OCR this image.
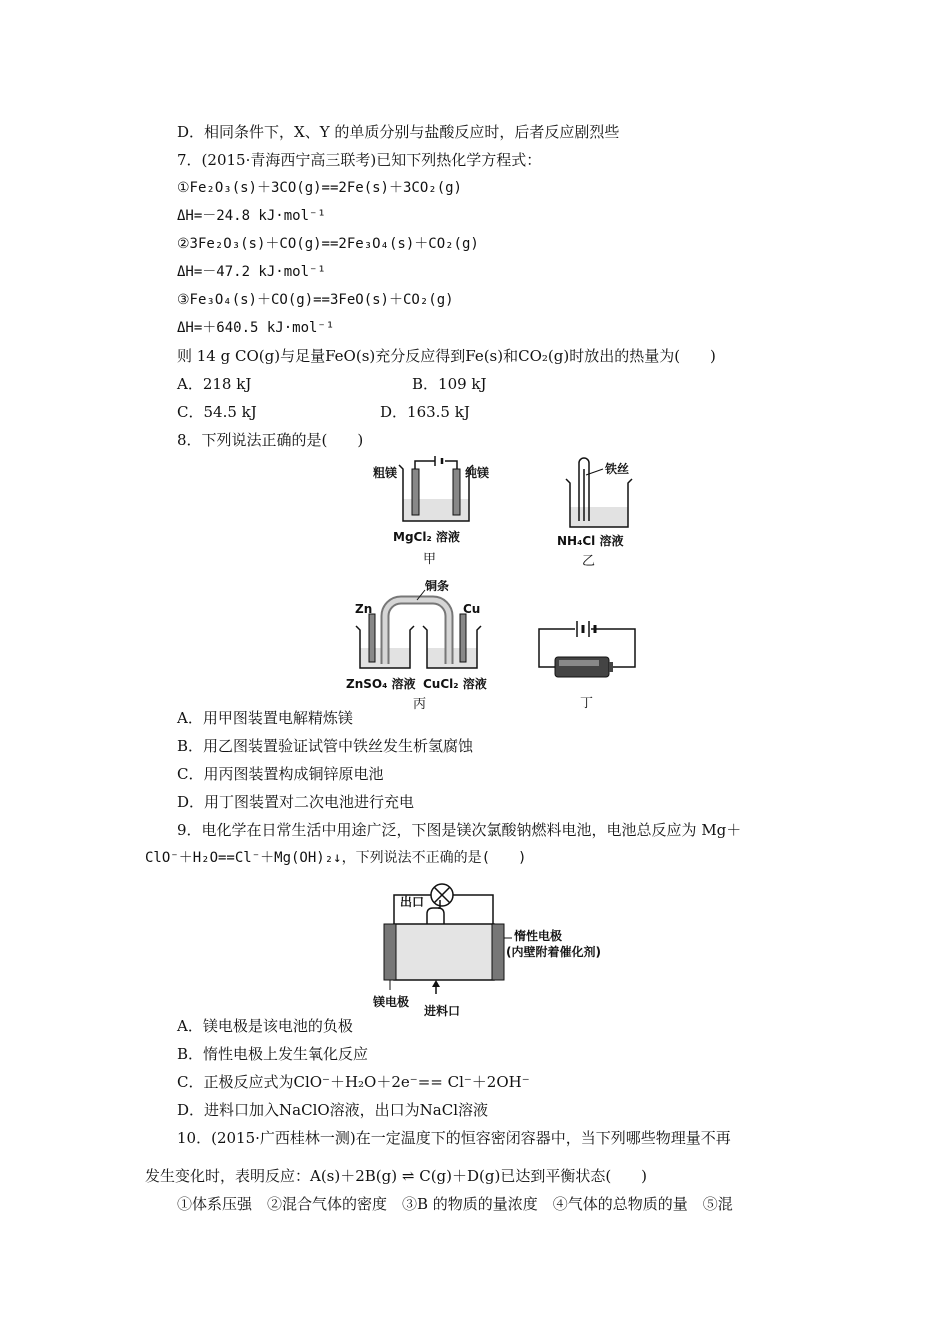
D．相同条件下，X、Y 的单质分别与盐酸反应时，后者反应剧烈些
7．(2015·青海西宁高三联考)已知下列热化学方程式：
①Fe₂O₃(s)＋3CO(g)==2Fe(s)＋3CO₂(g)
ΔH=－24.8 kJ·mol⁻¹
②3Fe₂O₃(s)＋CO(g)==2Fe₃O₄(s)＋CO₂(g)
ΔH=－47.2 kJ·mol⁻¹
③Fe₃O₄(s)＋CO(g)==3FeO(s)＋CO₂(g)
ΔH=＋640.5 kJ·mol⁻¹
则 14 g CO(g)与足量FeO(s)充分反应得到Fe(s)和CO₂(g)时放出的热量为(　　)
A．218 kJ	B．109 kJ
C．54.5 kJ	D．163.5 kJ
8．下列说法正确的是(　　)
粗镁	纯镁
MgCl₂ 溶液
甲
铁丝
NH₄Cl 溶液
乙
铜条
Zn	Cu
ZnSO₄ 溶液 CuCl₂ 溶液
丙	丁
A．用甲图装置电解精炼镁
B．用乙图装置验证试管中铁丝发生析氢腐蚀
C．用丙图装置构成铜锌原电池
D．用丁图装置对二次电池进行充电
9．电化学在日常生活中用途广泛，下图是镁次氯酸钠燃料电池，电池总反应为 Mg＋
ClO⁻＋H₂O==Cl⁻＋Mg(OH)₂↓，下列说法不正确的是(　　)
出口
惰性电极
(内壁附着催化剂)
镁电极
进料口
A．镁电极是该电池的负极
B．惰性电极上发生氧化反应
C．正极反应式为ClO⁻＋H₂O＋2e⁻== Cl⁻＋2OH⁻
D．进料口加入NaClO溶液，出口为NaCl溶液
10．(2015·广西桂林一测)在一定温度下的恒容密闭容器中，当下列哪些物理量不再
发生变化时，表明反应：A(s)＋2B(g) ⇌ C(g)＋D(g)已达到平衡状态(　　)
①体系压强　②混合气体的密度　③B 的物质的量浓度　④气体的总物质的量　⑤混
